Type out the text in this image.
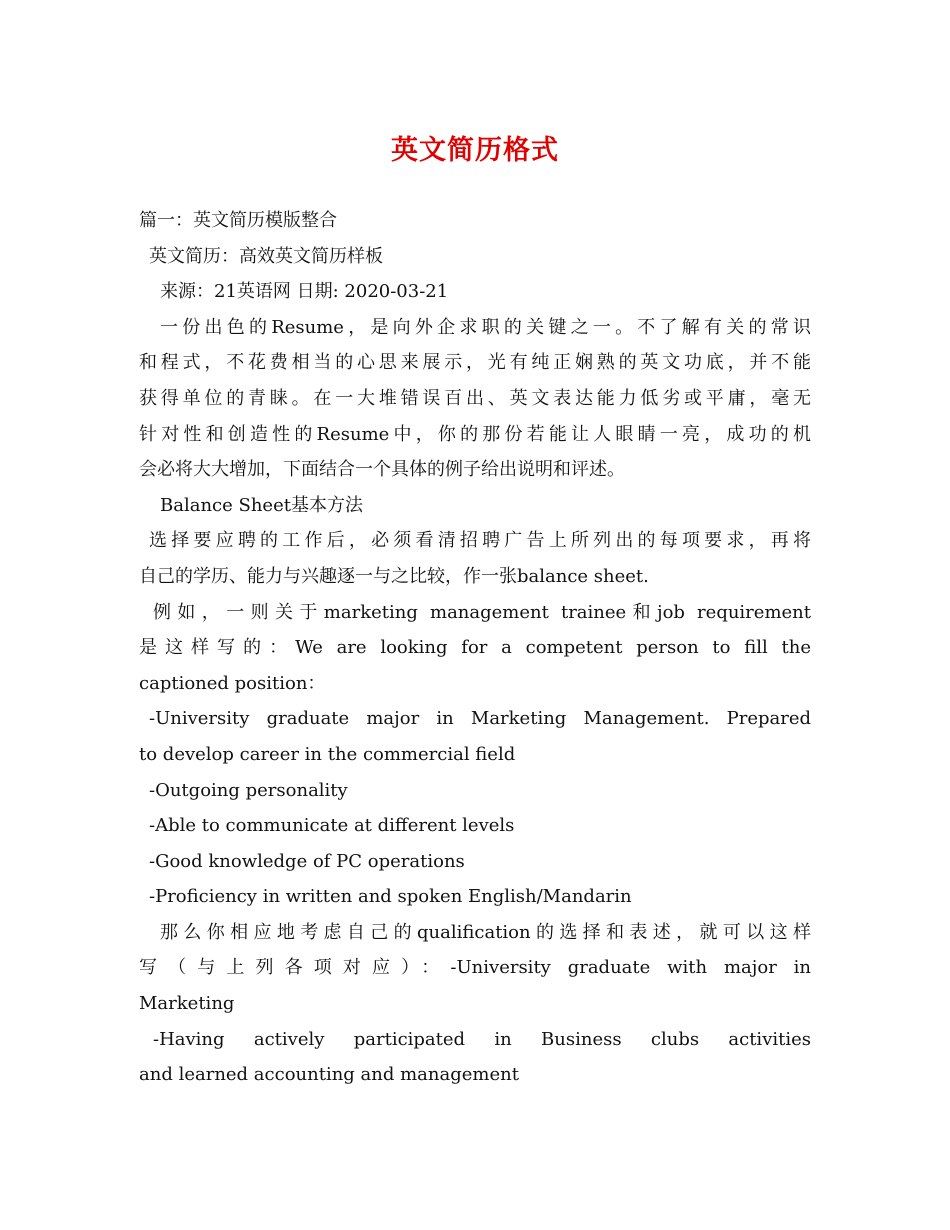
英文简历格式

篇一：英文简历模版整合

英文简历：高效英文简历样板

来源：21英语网 日期: 2020-03-21

一份出色的Resume，是向外企求职的关键之一。不了解有关的常识

和程式，不花费相当的心思来展示，光有纯正娴熟的英文功底，并不能

获得单位的青睐。在一大堆错误百出、英文表达能力低劣或平庸，毫无

针对性和创造性的Resume中，你的那份若能让人眼睛一亮，成功的机

会必将大大增加，下面结合一个具体的例子给出说明和评述。

Balance Sheet基本方法

选择要应聘的工作后，必须看清招聘广告上所列出的每项要求，再将

自己的学历、能力与兴趣逐一与之比较，作一张balance sheet.

例如，一则关于marketing management trainee和job requirement

是这样写的：We are looking for a competent person to fill the

captioned position：

-University graduate major in Marketing Management. Prepared

to develop career in the commercial field

-Outgoing personality

-Able to communicate at different levels

-Good knowledge of PC operations

-Proficiency in written and spoken English/Mandarin

那么你相应地考虑自己的qualification的选择和表述，就可以这样

写（与上列各项对应）：-University graduate with major in

Marketing

-Having actively participated in Business clubs activities

and learned accounting and management
